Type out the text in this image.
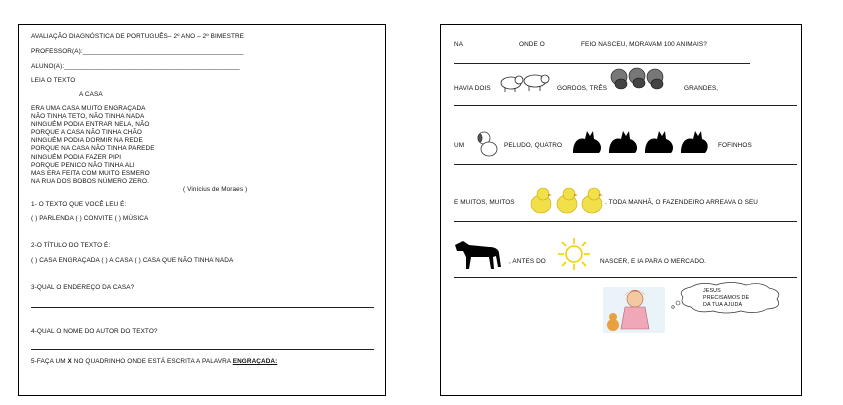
AVALIAÇÃO DIAGNÓSTICA DE PORTUGUÊS– 2º ANO – 2º BIMESTRE
PROFESSOR(A):____________________________________________
ALUNO(A):________________________________________________
LEIA O TEXTO
A CASA
ERA UMA CASA MUITO ENGRAÇADA
NÃO TINHA TETO, NÃO TINHA NADA
NINGUÉM PODIA ENTRAR NELA, NÃO
PORQUE A CASA NÃO TINHA CHÃO
NINGUÉM PODIA DORMIR NA REDE
PORQUE NA CASA NÃO TINHA PAREDE
NINGUÉM PODIA FAZER PIPI
PORQUE PENICO NÃO TINHA ALI
MAS ERA FEITA COM MUITO ESMERO
NA RUA DOS BOBOS NÚMERO ZERO.
( Vinícius de Moraes )
1- O TEXTO QUE VOCÊ LEU É:
( ) PARLENDA ( ) CONVITE ( ) MÚSICA
2-O TÍTULO DO TEXTO É:
( ) CASA ENGRAÇADA ( ) A CASA ( ) CASA QUE NÃO TINHA NADA
3-QUAL O ENDEREÇO DA CASA?
4-QUAL O NOME DO AUTOR DO TEXTO?
5-FAÇA UM X NO QUADRINHO ONDE ESTÁ ESCRITA A PALAVRA ENGRAÇADA:
NA	ONDE O	FEIO NASCEU, MORAVAM 100 ANIMAIS?
HAVIA DOIS	GORDOS, TRÊS	GRANDES,
UM	PELUDO, QUATRO	FOFINHOS
E MUITOS, MUITOS	. TODA MANHÃ, O FAZENDEIRO ARREAVA O SEU
, ANTES DO	NASCER, E IA PARA O MERCADO.
JESUS
PRECISAMOS DE
DA TUA AJUDA
